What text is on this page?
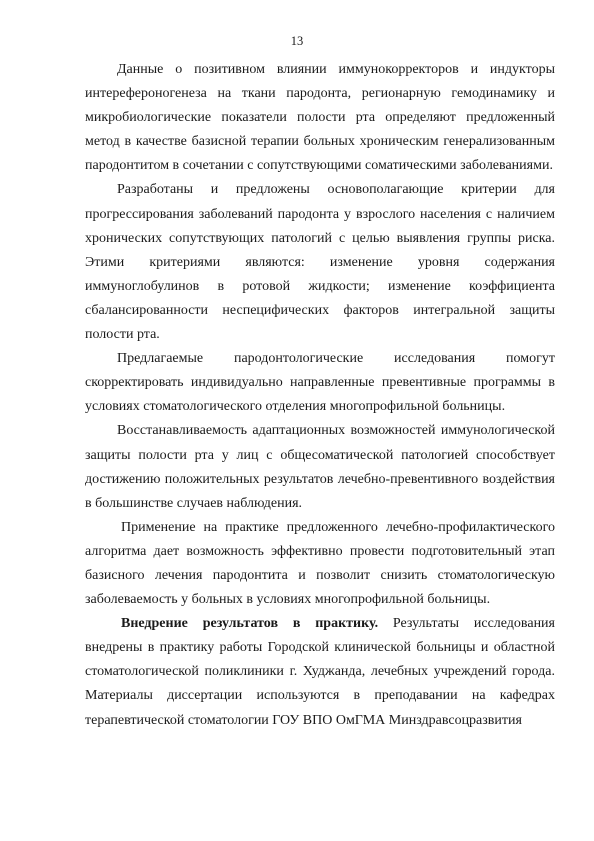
13

Данные о позитивном влиянии иммунокорректоров и индукторы интерефероногенеза на ткани пародонта, регионарную гемодинамику и микробиологические показатели полости рта определяют предложенный метод в качестве базисной терапии больных хроническим генерализованным пародонтитом в сочетании с сопутствующими соматическими заболеваниями.

Разработаны и предложены основополагающие критерии для прогрессирования заболеваний пародонта у взрослого населения с наличием хронических сопутствующих патологий с целью выявления группы риска. Этими критериями являются: изменение уровня содержания иммуноглобулинов в ротовой жидкости; изменение коэффициента сбалансированности неспецифических факторов интегральной защиты полости рта.

Предлагаемые пародонтологические исследования помогут скорректировать индивидуально направленные превентивные программы в условиях стоматологического отделения многопрофильной больницы.

Восстанавливаемость адаптационных возможностей иммунологической защиты полости рта у лиц с общесоматической патологией способствует достижению положительных результатов лечебно-превентивного воздействия в большинстве случаев наблюдения.

Применение на практике предложенного лечебно-профилактического алгоритма дает возможность эффективно провести подготовительный этап базисного лечения пародонтита и позволит снизить стоматологическую заболеваемость у больных в условиях многопрофильной больницы.

Внедрение результатов в практику. Результаты исследования внедрены в практику работы Городской клинической больницы и областной стоматологической поликлиники г. Худжанда, лечебных учреждений города. Материалы диссертации используются в преподавании на кафедрах терапевтической стоматологии ГОУ ВПО ОмГМА Минздравсоцразвития
